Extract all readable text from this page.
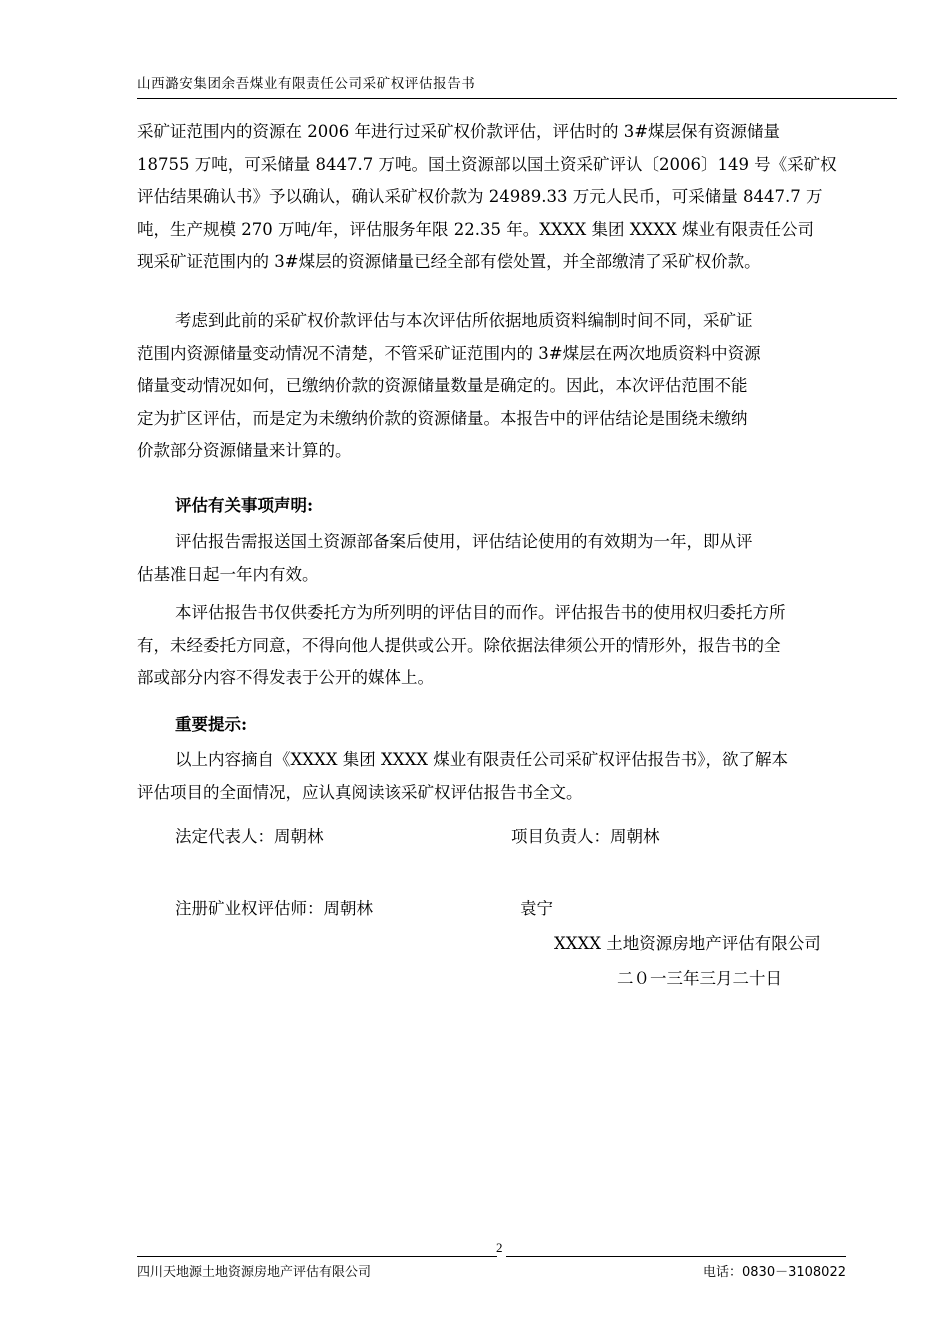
山西潞安集团余吾煤业有限责任公司采矿权评估报告书
采矿证范围内的资源在 2006 年进行过采矿权价款评估，评估时的 3#煤层保有资源储量
18755 万吨，可采储量 8447.7 万吨。国土资源部以国土资采矿评认〔2006〕149 号《采矿权
评估结果确认书》予以确认，确认采矿权价款为 24989.33 万元人民币，可采储量 8447.7 万
吨，生产规模 270 万吨/年，评估服务年限 22.35 年。XXXX 集团 XXXX 煤业有限责任公司
现采矿证范围内的 3#煤层的资源储量已经全部有偿处置，并全部缴清了采矿权价款。
考虑到此前的采矿权价款评估与本次评估所依据地质资料编制时间不同，采矿证
范围内资源储量变动情况不清楚，不管采矿证范围内的 3#煤层在两次地质资料中资源
储量变动情况如何，已缴纳价款的资源储量数量是确定的。因此，本次评估范围不能
定为扩区评估，而是定为未缴纳价款的资源储量。本报告中的评估结论是围绕未缴纳
价款部分资源储量来计算的。
评估有关事项声明:
评估报告需报送国土资源部备案后使用，评估结论使用的有效期为一年，即从评
估基准日起一年内有效。
本评估报告书仅供委托方为所列明的评估目的而作。评估报告书的使用权归委托方所
有，未经委托方同意，不得向他人提供或公开。除依据法律须公开的情形外，报告书的全
部或部分内容不得发表于公开的媒体上。
重要提示:
以上内容摘自《XXXX 集团 XXXX 煤业有限责任公司采矿权评估报告书》，欲了解本
评估项目的全面情况，应认真阅读该采矿权评估报告书全文。
法定代表人：周朝林	项目负责人：周朝林
注册矿业权评估师：周朝林	袁宁
XXXX 土地资源房地产评估有限公司
二０一三年三月二十日
2
四川天地源土地资源房地产评估有限公司	电话：0830－3108022
